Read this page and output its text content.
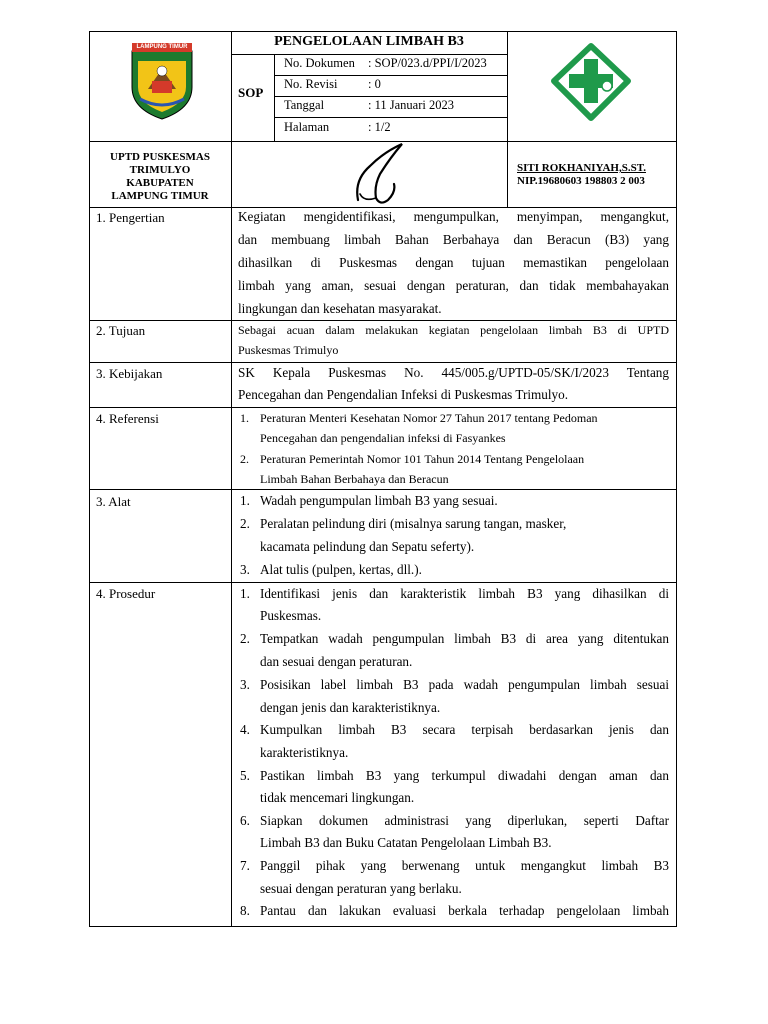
PENGELOLAAN LIMBAH B3
SOP
No. Dokumen : SOP/023.d/PPI/I/2023
No. Revisi : 0
Tanggal	: 11 Januari 2023
Halaman	: 1/2
LAMPUNG TIMUR
UPTD PUSKESMAS
TRIMULYO
KABUPATEN
LAMPUNG TIMUR
SITI ROKHANIYAH,S.ST.
NIP.19680603 198803 2 003
1. Pengertian
2. Tujuan
3. Kebijakan
4. Referensi
3. Alat
4. Prosedur
Kegiatan mengidentifikasi, mengumpulkan, menyimpan, mengangkut,
dan membuang limbah Bahan Berbahaya dan Beracun (B3) yang
dihasilkan di Puskesmas dengan tujuan memastikan pengelolaan
limbah yang aman, sesuai dengan peraturan, dan tidak membahayakan
lingkungan dan kesehatan masyarakat.
Sebagai acuan dalam melakukan kegiatan pengelolaan limbah B3 di UPTD
Puskesmas Trimulyo
SK Kepala Puskesmas No. 445/005.g/UPTD-05/SK/I/2023 Tentang
Pencegahan dan Pengendalian Infeksi di Puskesmas Trimulyo.
1. Peraturan Menteri Kesehatan Nomor 27 Tahun 2017 tentang Pedoman
Pencegahan dan pengendalian infeksi di Fasyankes
2. Peraturan Pemerintah Nomor 101 Tahun 2014 Tentang Pengelolaan
Limbah Bahan Berbahaya dan Beracun
1. Wadah pengumpulan limbah B3 yang sesuai.
2. Peralatan pelindung diri (misalnya sarung tangan, masker,
kacamata pelindung dan Sepatu seferty).
3. Alat tulis (pulpen, kertas, dll.).
1. Identifikasi jenis dan karakteristik limbah B3 yang dihasilkan di
Puskesmas.
2. Tempatkan wadah pengumpulan limbah B3 di area yang ditentukan
dan sesuai dengan peraturan.
3. Posisikan label limbah B3 pada wadah pengumpulan limbah sesuai
dengan jenis dan karakteristiknya.
4. Kumpulkan limbah B3 secara terpisah berdasarkan jenis dan
karakteristiknya.
5. Pastikan limbah B3 yang terkumpul diwadahi dengan aman dan
tidak mencemari lingkungan.
6. Siapkan dokumen administrasi yang diperlukan, seperti Daftar
Limbah B3 dan Buku Catatan Pengelolaan Limbah B3.
7. Panggil pihak yang berwenang untuk mengangkut limbah B3
sesuai dengan peraturan yang berlaku.
8. Pantau dan lakukan evaluasi berkala terhadap pengelolaan limbah
